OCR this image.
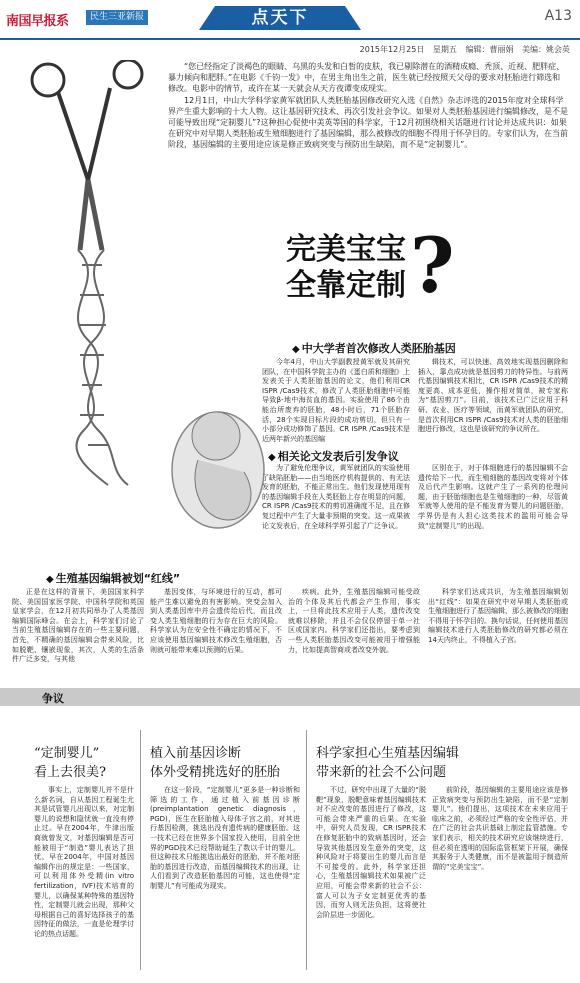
南国早报系	民生三亚新报	点天下	A13
2015年12月25日 星期五 编辑：曹丽娟 美编：姚会英

“您已经指定了淡褐色的眼睛、乌黑的头发和白皙的皮肤，我已剔除潜在的酒精成瘾、秃顶、近视、肥胖症、暴力倾向和肥胖。”在电影《千钧一发》中，在男主角出生之前，医生就已经按照天父母的要求对胚胎进行筛选和修改。电影中的情节，或许在某一天就会从天方夜谭变成现实。

12月1日，中山大学科学家黄军就团队人类胚胎基因修改研究入选《自然》杂志评选的2015年度对全球科学界产生重大影响的十大人物。这让基因研究技术、再次引发社会争议。如果对人类胚胎基因进行编辑修改，是不是可能导致出现“定制婴儿”?这种担心促使中美英等国的科学家，于12月初围绕相关话题进行讨论并达成共识：如果在研究中对早期人类胚胎或生殖细胞进行了基因编辑，那么被修改的细胞不得用于怀孕目的。专家们认为，在当前阶段，基因编辑的主要用途应该是修正致病突变与预防出生缺陷，而不是“定制婴儿”。

完美宝宝
全靠定制 ?
◆ 中大学者首次修改人类胚胎基因

今年4月，中山大学副教授黄军就及其研究团队，在中国科学院主办的《蛋白质和细胞》上发表关于人类胚胎基因的论文，他们利用CR ISPR /Cas9技术，修改了人类胚胎细胞中可能导致β-地中海贫血的基因。实验使用了86个由能治所废弃的胚胎，48小时后，71个胚胎存活，28个实现目标片段的成功剪切，但只有一小部分成功修饰了基因。CR ISPR /Cas9技术是近两年新兴的基因编

辑技术，可以快速、高效地实现基因删除和插入，靠点成功就是基因剪刀的特异性。与前两代基因编辑技术相比，CR ISPR /Cas9技术的精度更高、成本更低，操作相对简单，被专家称为“基因剪刀”。目前，该技术已广泛应用于科研、农业、医疗等领域，而黄军就团队的研究，是首次利用CR ISPR /Cas9技术对人类的胚胎细胞进行修改，这也是该研究的争议所在。

◆ 相关论文发表后引发争议

为了避免伦理争议，黄军就团队的实验使用了缺陷胚胎——由当地医疗机构提供的、有无法发育的胚胎，不能正常出生。他们发现使用现有的基因编辑手段在人类胚胎上存在明显的问题，CR ISPR /Cas9技术的剪切准确度不足，且在修复过程中产生了大量非预期的突变。这一成果被论文发表后，在全球科学界引起了广泛争议。

区别在于，对于体细胞进行的基因编辑不会遗传给下一代，而生殖细胞的基因改变将对个体及后代产生影响。这就产生了一系列的伦理问题，由于胚胎细胞也是生殖细胞的一种，尽管黄军就等人使用的是不能发育为婴儿的问题胚胎，学界仍是有人担心这类技术的滥用可能会导致“定制婴儿”的出现。

◆ 生殖基因编辑被划“红线”

正是在这样的背景下，美国国家科学院、美国国家医学院、中国科学院和英国皇家学会，在12月初共同举办了人类基因编辑国际峰会。在会上，科学家们讨论了当前生殖基因编辑存在的一些主要问题，首先，不精确的基因编辑会带来风险，比如脱靶、镶嵌现象，其次，人类的生活条件广泛多变，与其他

基因变体，与环境进行的互动，都可能产生难以避免的有害影响。突变会加入到人类基因库中并会遗传给后代，而且改变人类生殖细胞的行为存在巨大的风险。科学家认为在安全性不确定的情况下，不应该使用基因编辑技术修改生殖细胞，否则就可能带来难以预测的后果。

疾病。此外，生殖基因编辑可能受政治的个体及其后代都会产生作用，事实上，一旦将此技术应用于人类，遗传改变就难以移除，并且不会仅仅停留于单一社区或国家内。科学家们还指出，要考虑到一些人类胚胎基因改变可能被用于增强能力，比如提高智商或者改变外貌。

科学家们达成共识，为生殖基因编辑划出“红线”：如果在研究中对早期人类胚胎或生殖细胞进行了基因编辑，那么被修改的细胞不得用于怀孕目的。换句话说，任何使用基因编辑技术进行人类胚胎修改的研究都必须在14天内终止，不得植入子宫。

争议
“定制婴儿”
看上去很美?

事实上，定制婴儿并不是什么新名词，自从基因工程诞生尤其是试管婴儿出现以来，对定制婴儿的说想和隐忧就一直没有停止过。早在2004年，牛津出版商就曾发文，对基因编辑是否可能被用于“制造”婴儿表达了担忧。早在2004年，中国对基因编辑作出的规定是：一些国家，可以利用体外受精(in vitro fertilization，IVF)技术培育的婴儿，以确保某种特殊的基因特性，定制婴儿就会出现，那种父母根据自己的喜好选择孩子的基因特征的做法，一直是伦理学讨论的热点话题。

植入前基因诊断
体外受精挑选好的胚胎

在这一阶段，“定制婴儿”更多是一种诊断和筛选的工作，通过植入前基因诊断(preimplantation genetic diagnosis，PGD)，医生在胚胎植入母体子宫之前，对其进行基因检测，挑选出没有遗传病的健康胚胎。这一技术已经在世界多个国家投入使用，目前全世界的PGD技术已经帮助诞生了数以千计的婴儿。但这种技术只能挑选出最好的胚胎，并不能对胚胎的基因进行改造，而基因编辑技术的出现，让人们看到了改造胚胎基因的可能，这也使得“定制婴儿”有可能成为现实。

科学家担心生殖基因编辑
带来新的社会不公问题

不过，研究中出现了大量的“脱靶”现象，脱靶意味着基因编辑技术对不应改变的基因进行了修改，这可能会带来严重的后果。在实验中，研究人员发现，CR ISPR技术在修复胚胎中的致病基因时，还会导致其他基因发生意外的突变，这种风险对于将要出生的婴儿而言是不可接受的。此外，科学家还担心，生殖基因编辑技术如果被广泛应用，可能会带来新的社会不公：富人可以为子女定制更优秀的基因，而穷人则无法负担，这将使社会阶层进一步固化。

前阶段，基因编辑的主要用途应该是修正致病突变与预防出生缺陷，而不是“定制婴儿”。他们提出，这项技术在未来应用于临床之前，必须经过严格的安全性评估，并在广泛的社会共识基础上制定监管措施。专家们表示，相关的技术研究应该继续进行，但必须在透明的国际监管框架下开展，确保其服务于人类健康，而不是被滥用于制造所谓的“完美宝宝”。
